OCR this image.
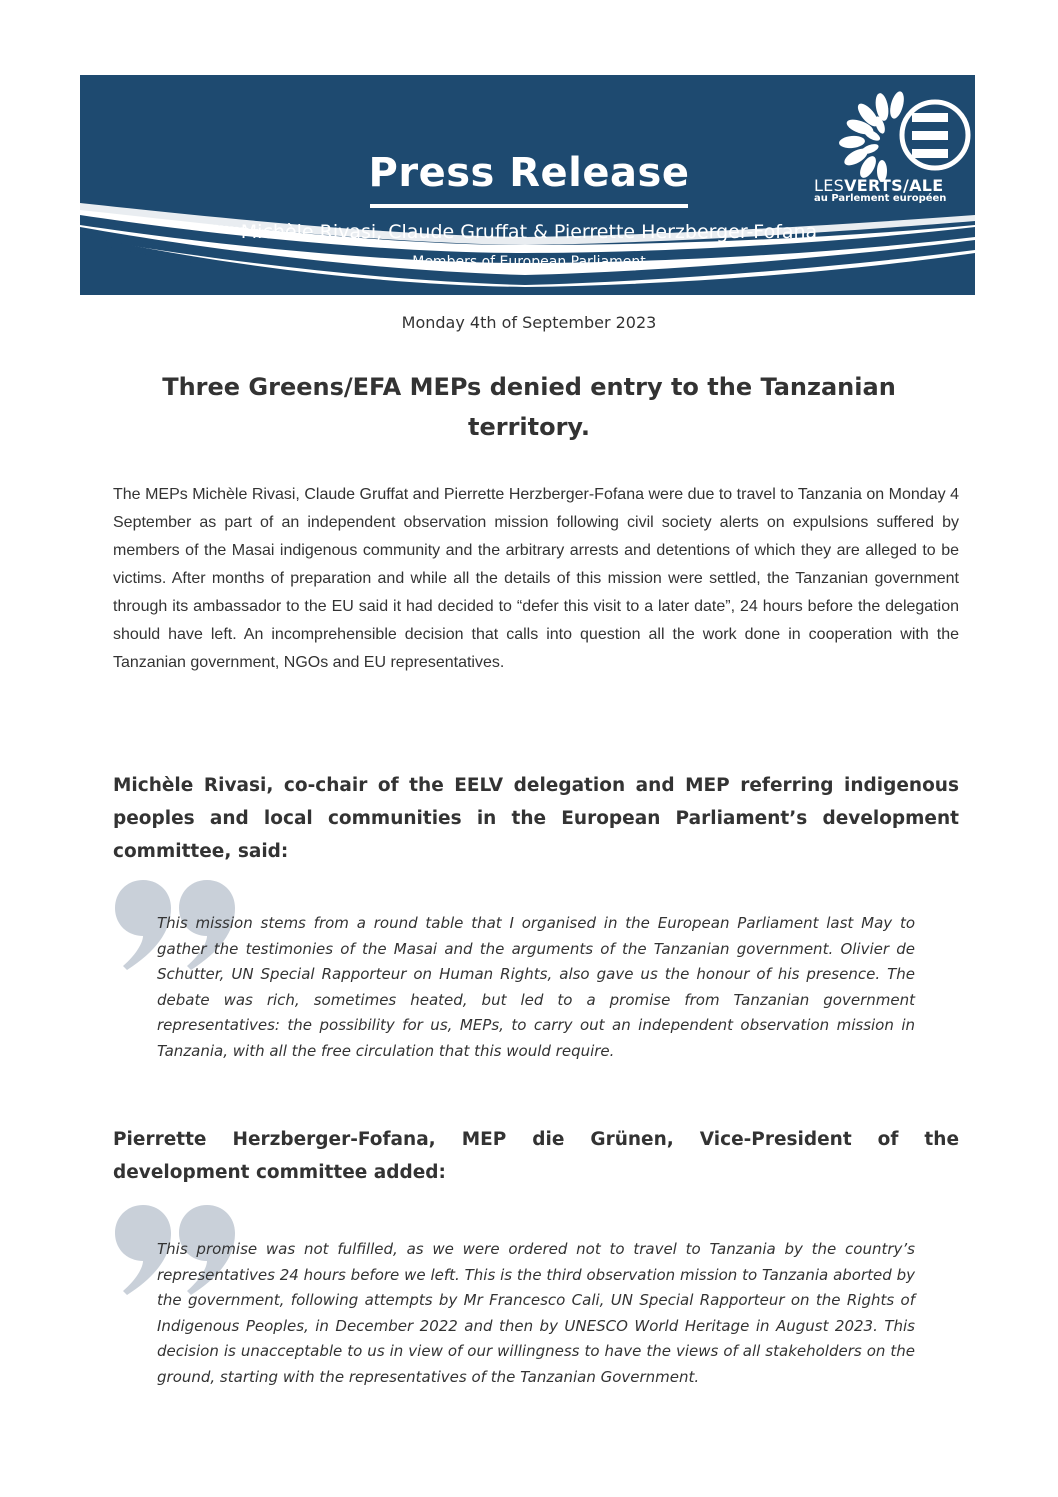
Press Release
Michèle Rivasi, Claude Gruffat & Pierrette Herzberger-Fofana
Members of European Parliament
LESVERTS/ALE
au Parlement européen
Monday 4th of September 2023
Three Greens/EFA MEPs denied entry to the Tanzanian territory.
The MEPs Michèle Rivasi, Claude Gruffat and Pierrette Herzberger-Fofana were due to travel to Tanzania on Monday 4 September as part of an independent observation mission following civil society alerts on expulsions suffered by members of the Masai indigenous community and the arbitrary arrests and detentions of which they are alleged to be victims. After months of preparation and while all the details of this mission were settled, the Tanzanian government through its ambassador to the EU said it had decided to “defer this visit to a later date”, 24 hours before the delegation should have left. An incomprehensible decision that calls into question all the work done in cooperation with the Tanzanian government, NGOs and EU representatives.
Michèle Rivasi, co-chair of the EELV delegation and MEP referring indigenous peoples and local communities in the European Parliament’s development committee, said:
This mission stems from a round table that I organised in the European Parliament last May to gather the testimonies of the Masai and the arguments of the Tanzanian government. Olivier de Schutter, UN Special Rapporteur on Human Rights, also gave us the honour of his presence. The debate was rich, sometimes heated, but led to a promise from Tanzanian government representatives: the possibility for us, MEPs, to carry out an independent observation mission in Tanzania, with all the free circulation that this would require.
Pierrette Herzberger-Fofana, MEP die Grünen, Vice-President of the development committee added:
This promise was not fulfilled, as we were ordered not to travel to Tanzania by the country’s representatives 24 hours before we left. This is the third observation mission to Tanzania aborted by the government, following attempts by Mr Francesco Cali, UN Special Rapporteur on the Rights of Indigenous Peoples, in December 2022 and then by UNESCO World Heritage in August 2023. This decision is unacceptable to us in view of our willingness to have the views of all stakeholders on the ground, starting with the representatives of the Tanzanian Government.
